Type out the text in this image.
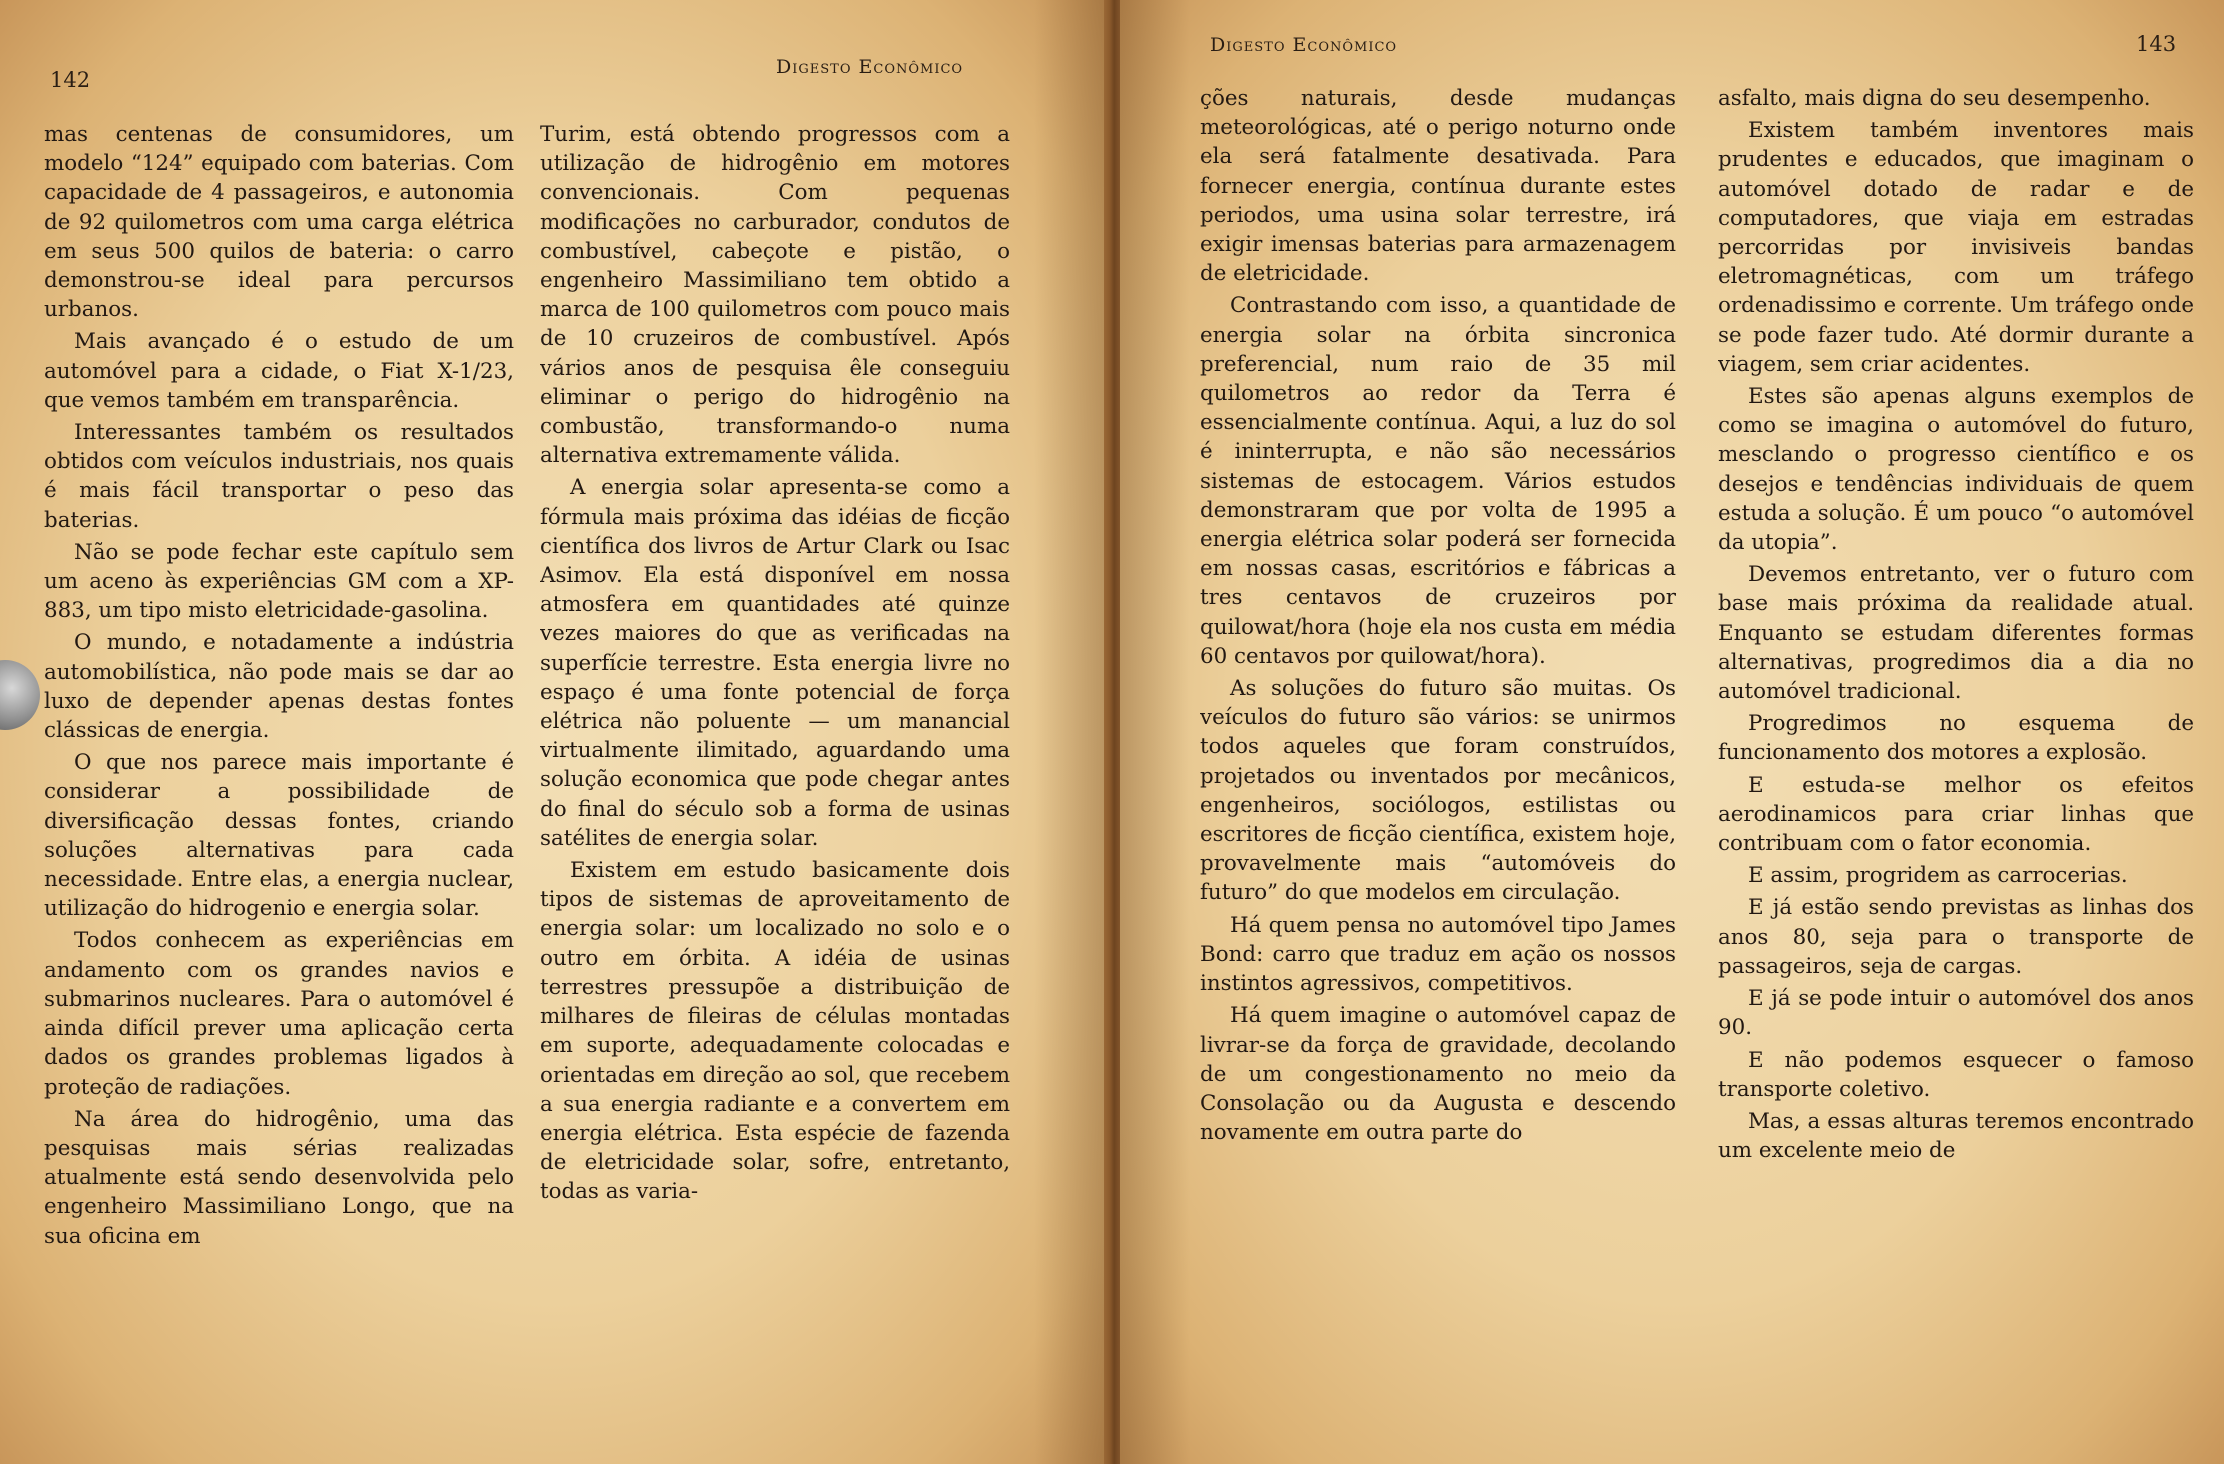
142
Digesto Econômico

mas centenas de consumidores, um modelo “124” equipado com baterias. Com capacidade de 4 passageiros, e autonomia de 92 quilometros com uma carga elétrica em seus 500 quilos de bateria: o carro demonstrou-se ideal para percursos urbanos.

Mais avançado é o estudo de um automóvel para a cidade, o Fiat X-1/23, que vemos também em transparência.

Interessantes também os resultados obtidos com veículos industriais, nos quais é mais fácil transportar o peso das baterias.

Não se pode fechar este capítulo sem um aceno às experiências GM com a XP-883, um tipo misto eletricidade-gasolina.

O mundo, e notadamente a indústria automobilística, não pode mais se dar ao luxo de depender apenas destas fontes clássicas de energia.

O que nos parece mais importante é considerar a possibilidade de diversificação dessas fontes, criando soluções alternativas para cada necessidade. Entre elas, a energia nuclear, utilização do hidrogenio e energia solar.

Todos conhecem as experiências em andamento com os grandes navios e submarinos nucleares. Para o automóvel é ainda difícil prever uma aplicação certa dados os grandes problemas ligados à proteção de radiações.

Na área do hidrogênio, uma das pesquisas mais sérias realizadas atualmente está sendo desenvolvida pelo engenheiro Massimiliano Longo, que na sua oficina em

Turim, está obtendo progressos com a utilização de hidrogênio em motores convencionais. Com pequenas modificações no carburador, condutos de combustível, cabeçote e pistão, o engenheiro Massimiliano tem obtido a marca de 100 quilometros com pouco mais de 10 cruzeiros de combustível. Após vários anos de pesquisa êle conseguiu eliminar o perigo do hidrogênio na combustão, transformando-o numa alternativa extremamente válida.

A energia solar apresenta-se como a fórmula mais próxima das idéias de ficção científica dos livros de Artur Clark ou Isac Asimov. Ela está disponível em nossa atmosfera em quantidades até quinze vezes maiores do que as verificadas na superfície terrestre. Esta energia livre no espaço é uma fonte potencial de força elétrica não poluente — um manancial virtualmente ilimitado, aguardando uma solução economica que pode chegar antes do final do século sob a forma de usinas satélites de energia solar.

Existem em estudo basicamente dois tipos de sistemas de aproveitamento de energia solar: um localizado no solo e o outro em órbita. A idéia de usinas terrestres pressupõe a distribuição de milhares de fileiras de células montadas em suporte, adequadamente colocadas e orientadas em direção ao sol, que recebem a sua energia radiante e a convertem em energia elétrica. Esta espécie de fazenda de eletricidade solar, sofre, entretanto, todas as varia-

Digesto Econômico	143

ções naturais, desde mudanças meteorológicas, até o perigo noturno onde ela será fatalmente desativada. Para fornecer energia, contínua durante estes periodos, uma usina solar terrestre, irá exigir imensas baterias para armazenagem de eletricidade.

Contrastando com isso, a quantidade de energia solar na órbita sincronica preferencial, num raio de 35 mil quilometros ao redor da Terra é essencialmente contínua. Aqui, a luz do sol é ininterrupta, e não são necessários sistemas de estocagem. Vários estudos demonstraram que por volta de 1995 a energia elétrica solar poderá ser fornecida em nossas casas, escritórios e fábricas a tres centavos de cruzeiros por quilowat/hora (hoje ela nos custa em média 60 centavos por quilowat/hora).

As soluções do futuro são muitas. Os veículos do futuro são vários: se unirmos todos aqueles que foram construídos, projetados ou inventados por mecânicos, engenheiros, sociólogos, estilistas ou escritores de ficção científica, existem hoje, provavelmente mais “automóveis do futuro” do que modelos em circulação.

Há quem pensa no automóvel tipo James Bond: carro que traduz em ação os nossos instintos agressivos, competitivos.

Há quem imagine o automóvel capaz de livrar-se da força de gravidade, decolando de um congestionamento no meio da Consolação ou da Augusta e descendo novamente em outra parte do

asfalto, mais digna do seu desempenho.

Existem também inventores mais prudentes e educados, que imaginam o automóvel dotado de radar e de computadores, que viaja em estradas percorridas por invisiveis bandas eletromagnéticas, com um tráfego ordenadissimo e corrente. Um tráfego onde se pode fazer tudo. Até dormir durante a viagem, sem criar acidentes.

Estes são apenas alguns exemplos de como se imagina o automóvel do futuro, mesclando o progresso científico e os desejos e tendências individuais de quem estuda a solução. É um pouco “o automóvel da utopia”.

Devemos entretanto, ver o futuro com base mais próxima da realidade atual. Enquanto se estudam diferentes formas alternativas, progredimos dia a dia no automóvel tradicional.

Progredimos no esquema de funcionamento dos motores a explosão.

E estuda-se melhor os efeitos aerodinamicos para criar linhas que contribuam com o fator economia.

E assim, progridem as carrocerias.

E já estão sendo previstas as linhas dos anos 80, seja para o transporte de passageiros, seja de cargas.

E já se pode intuir o automóvel dos anos 90.

E não podemos esquecer o famoso transporte coletivo.

Mas, a essas alturas teremos encontrado um excelente meio de
